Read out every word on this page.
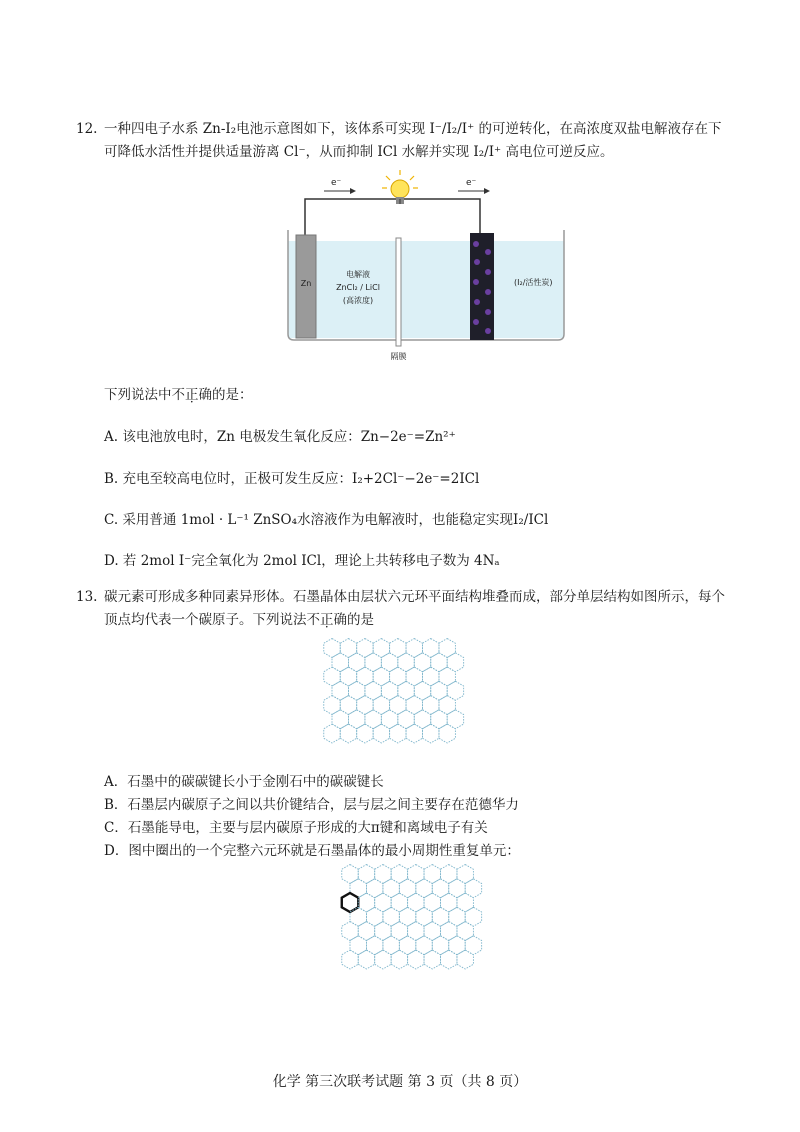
12. 一种四电子水系 Zn-I₂电池示意图如下，该体系可实现 I⁻/I₂/I⁺ 的可逆转化，在高浓度双盐电解液存在下
可降低水活性并提供适量游离 Cl⁻，从而抑制 ICl 水解并实现 I₂/I⁺ 高电位可逆反应。
e⁻	e⁻
Zn
隔膜
电解液
ZnCl₂ / LiCl
(高浓度)
(I₂/活性炭)
下列说法中不正确的是：
A. 该电池放电时，Zn 电极发生氧化反应：Zn−2e⁻=Zn²⁺
B. 充电至较高电位时，正极可发生反应：I₂+2Cl⁻−2e⁻=2ICl
C. 采用普通 1mol · L⁻¹ ZnSO₄水溶液作为电解液时，也能稳定实现I₂/ICl
D. 若 2mol I⁻完全氧化为 2mol ICl，理论上共转移电子数为 4Nₐ
13. 碳元素可形成多种同素异形体。石墨晶体由层状六元环平面结构堆叠而成，部分单层结构如图所示，每个
顶点均代表一个碳原子。下列说法不正确的是
A．石墨中的碳碳键长小于金刚石中的碳碳键长
B．石墨层内碳原子之间以共价键结合，层与层之间主要存在范德华力
C．石墨能导电，主要与层内碳原子形成的大π键和离域电子有关
D．图中圈出的一个完整六元环就是石墨晶体的最小周期性重复单元：
化学 第三次联考试题 第 3 页（共 8 页）
